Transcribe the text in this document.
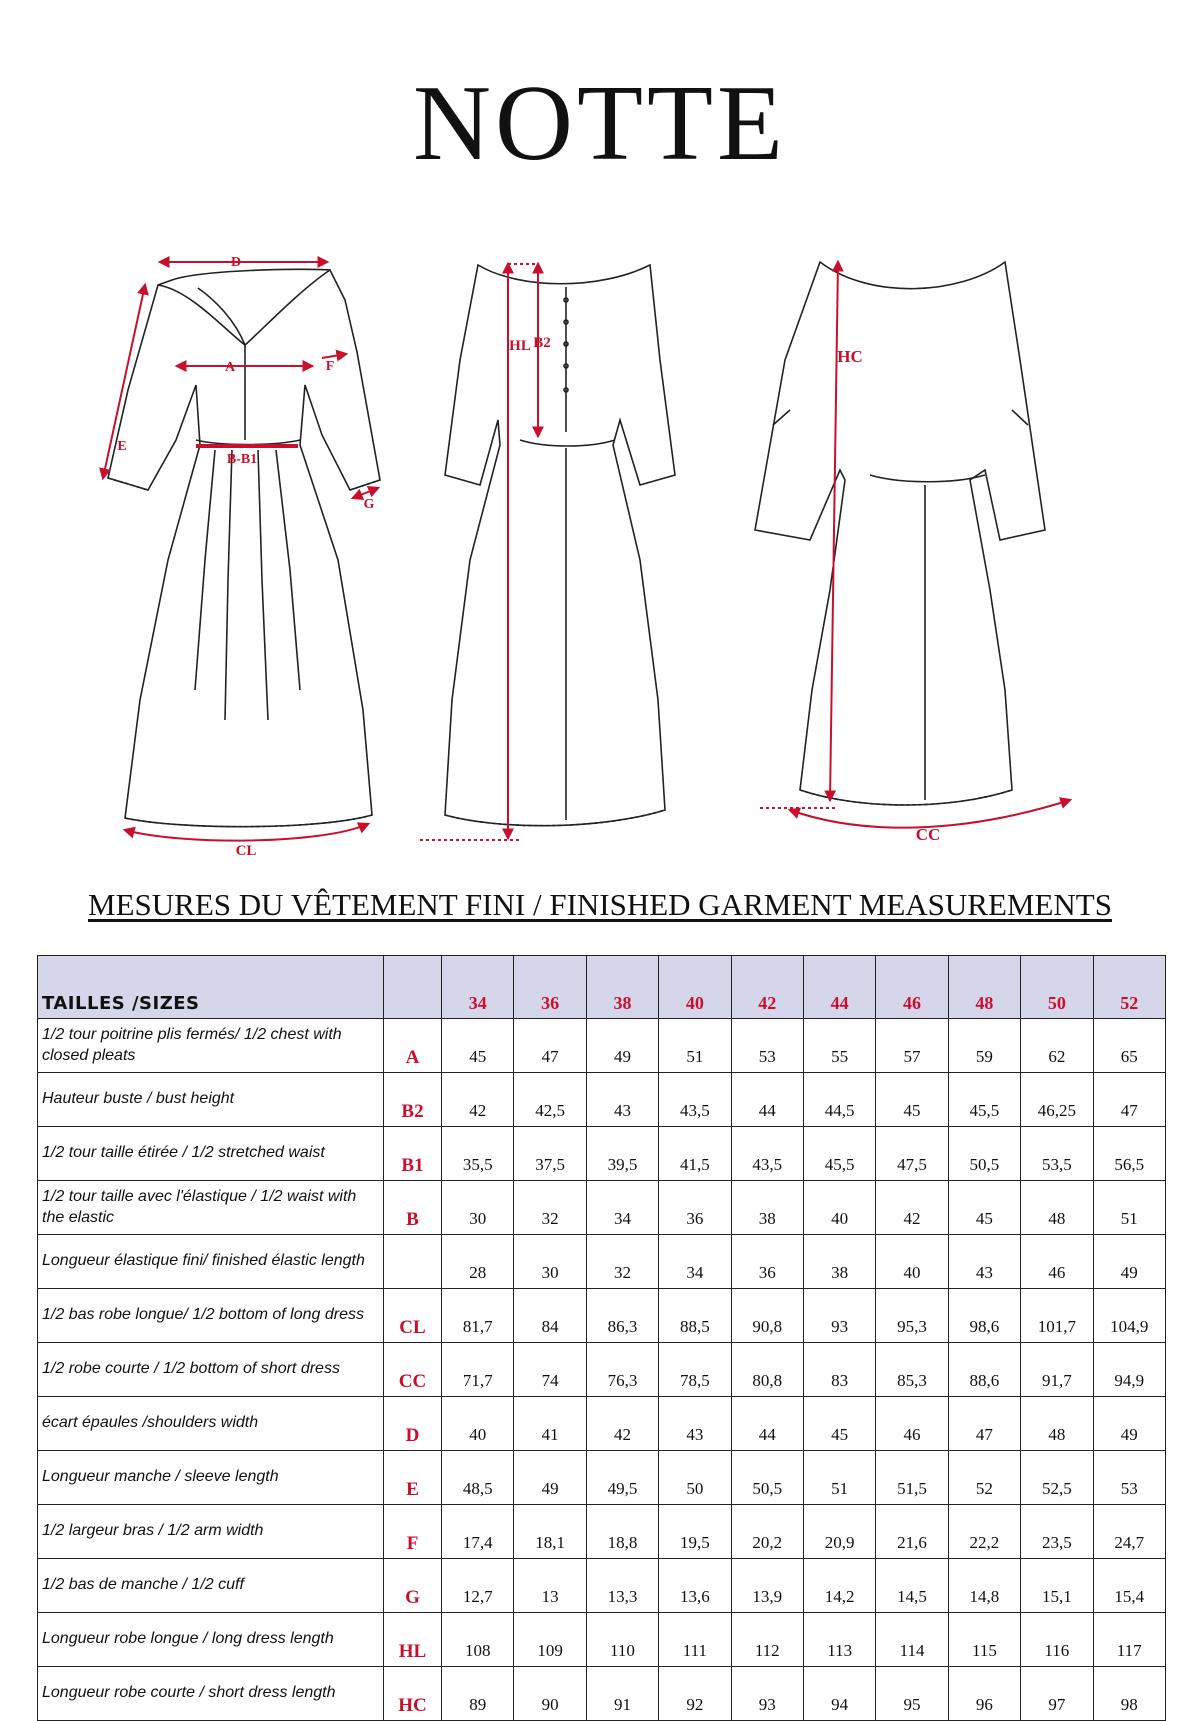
NOTTE
D
A	F
E
B-B1
G
CL
HL B2
HC
CC
MESURES DU VÊTEMENT FINI / FINISHED GARMENT MEASUREMENTS
TAILLES /SIZES		34	36	38	40	42	44	46	48	50	52
1/2 tour poitrine plis fermés/ 1/2 chest with closed pleats	A	45	47	49	51	53	55	57	59	62	65
Hauteur buste / bust height	B2	42	42,5	43	43,5	44	44,5	45	45,5	46,25	47
1/2 tour taille étirée / 1/2 stretched waist	B1	35,5	37,5	39,5	41,5	43,5	45,5	47,5	50,5	53,5	56,5
1/2 tour taille avec l'élastique / 1/2 waist with the elastic	B	30	32	34	36	38	40	42	45	48	51
Longueur élastique fini/ finished élastic length		28	30	32	34	36	38	40	43	46	49
1/2 bas robe longue/ 1/2 bottom of long dress	CL	81,7	84	86,3	88,5	90,8	93	95,3	98,6	101,7	104,9
1/2 robe courte / 1/2 bottom of short dress	CC	71,7	74	76,3	78,5	80,8	83	85,3	88,6	91,7	94,9
écart épaules /shoulders width	D	40	41	42	43	44	45	46	47	48	49
Longueur manche / sleeve length	E	48,5	49	49,5	50	50,5	51	51,5	52	52,5	53
1/2 largeur bras / 1/2 arm width	F	17,4	18,1	18,8	19,5	20,2	20,9	21,6	22,2	23,5	24,7
1/2 bas de manche / 1/2 cuff	G	12,7	13	13,3	13,6	13,9	14,2	14,5	14,8	15,1	15,4
Longueur robe longue / long dress length	HL	108	109	110	111	112	113	114	115	116	117
Longueur robe courte / short dress length	HC	89	90	91	92	93	94	95	96	97	98
